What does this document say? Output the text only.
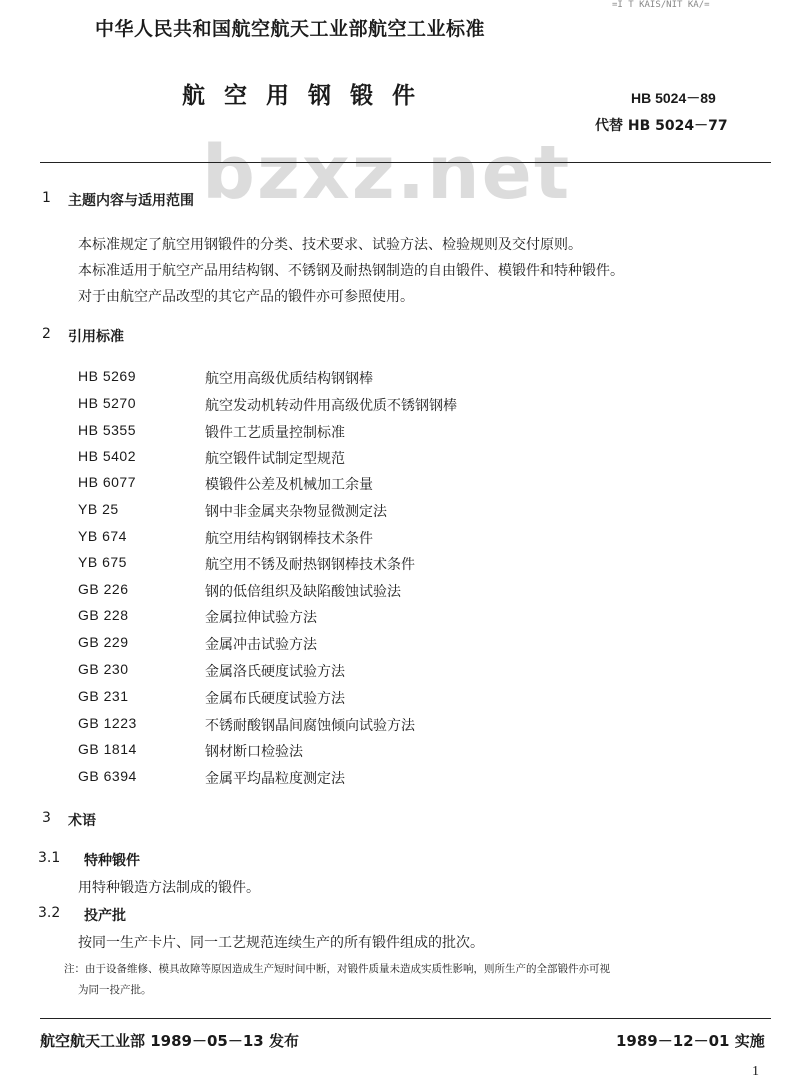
=I T KAIS/NIT KA/=
中华人民共和国航空航天工业部航空工业标准
航空用钢锻件	HB 5024－89
代替 HB 5024－77
bzxz.net
1 主题内容与适用范围
本标准规定了航空用钢锻件的分类、技术要求、试验方法、检验规则及交付原则。
本标准适用于航空产品用结构钢、不锈钢及耐热钢制造的自由锻件、模锻件和特种锻件。
对于由航空产品改型的其它产品的锻件亦可参照使用。
2 引用标准
HB 5269	航空用高级优质结构钢钢棒
HB 5270	航空发动机转动件用高级优质不锈钢钢棒
HB 5355	锻件工艺质量控制标准
HB 5402	航空锻件试制定型规范
HB 6077	模锻件公差及机械加工余量
YB 25	钢中非金属夹杂物显微测定法
YB 674	航空用结构钢钢棒技术条件
YB 675	航空用不锈及耐热钢钢棒技术条件
GB 226	钢的低倍组织及缺陷酸蚀试验法
GB 228	金属拉伸试验方法
GB 229	金属冲击试验方法
GB 230	金属洛氏硬度试验方法
GB 231	金属布氏硬度试验方法
GB 1223	不锈耐酸钢晶间腐蚀倾向试验方法
GB 1814	钢材断口检验法
GB 6394	金属平均晶粒度测定法
3 术语
3.1 特种锻件
用特种锻造方法制成的锻件。
3.2 投产批
按同一生产卡片、同一工艺规范连续生产的所有锻件组成的批次。
注：由于设备维修、模具故障等原因造成生产短时间中断，对锻件质量未造成实质性影响，则所生产的全部锻件亦可视
为同一投产批。
航空航天工业部 1989－05－13 发布	1989－12－01 实施
1
